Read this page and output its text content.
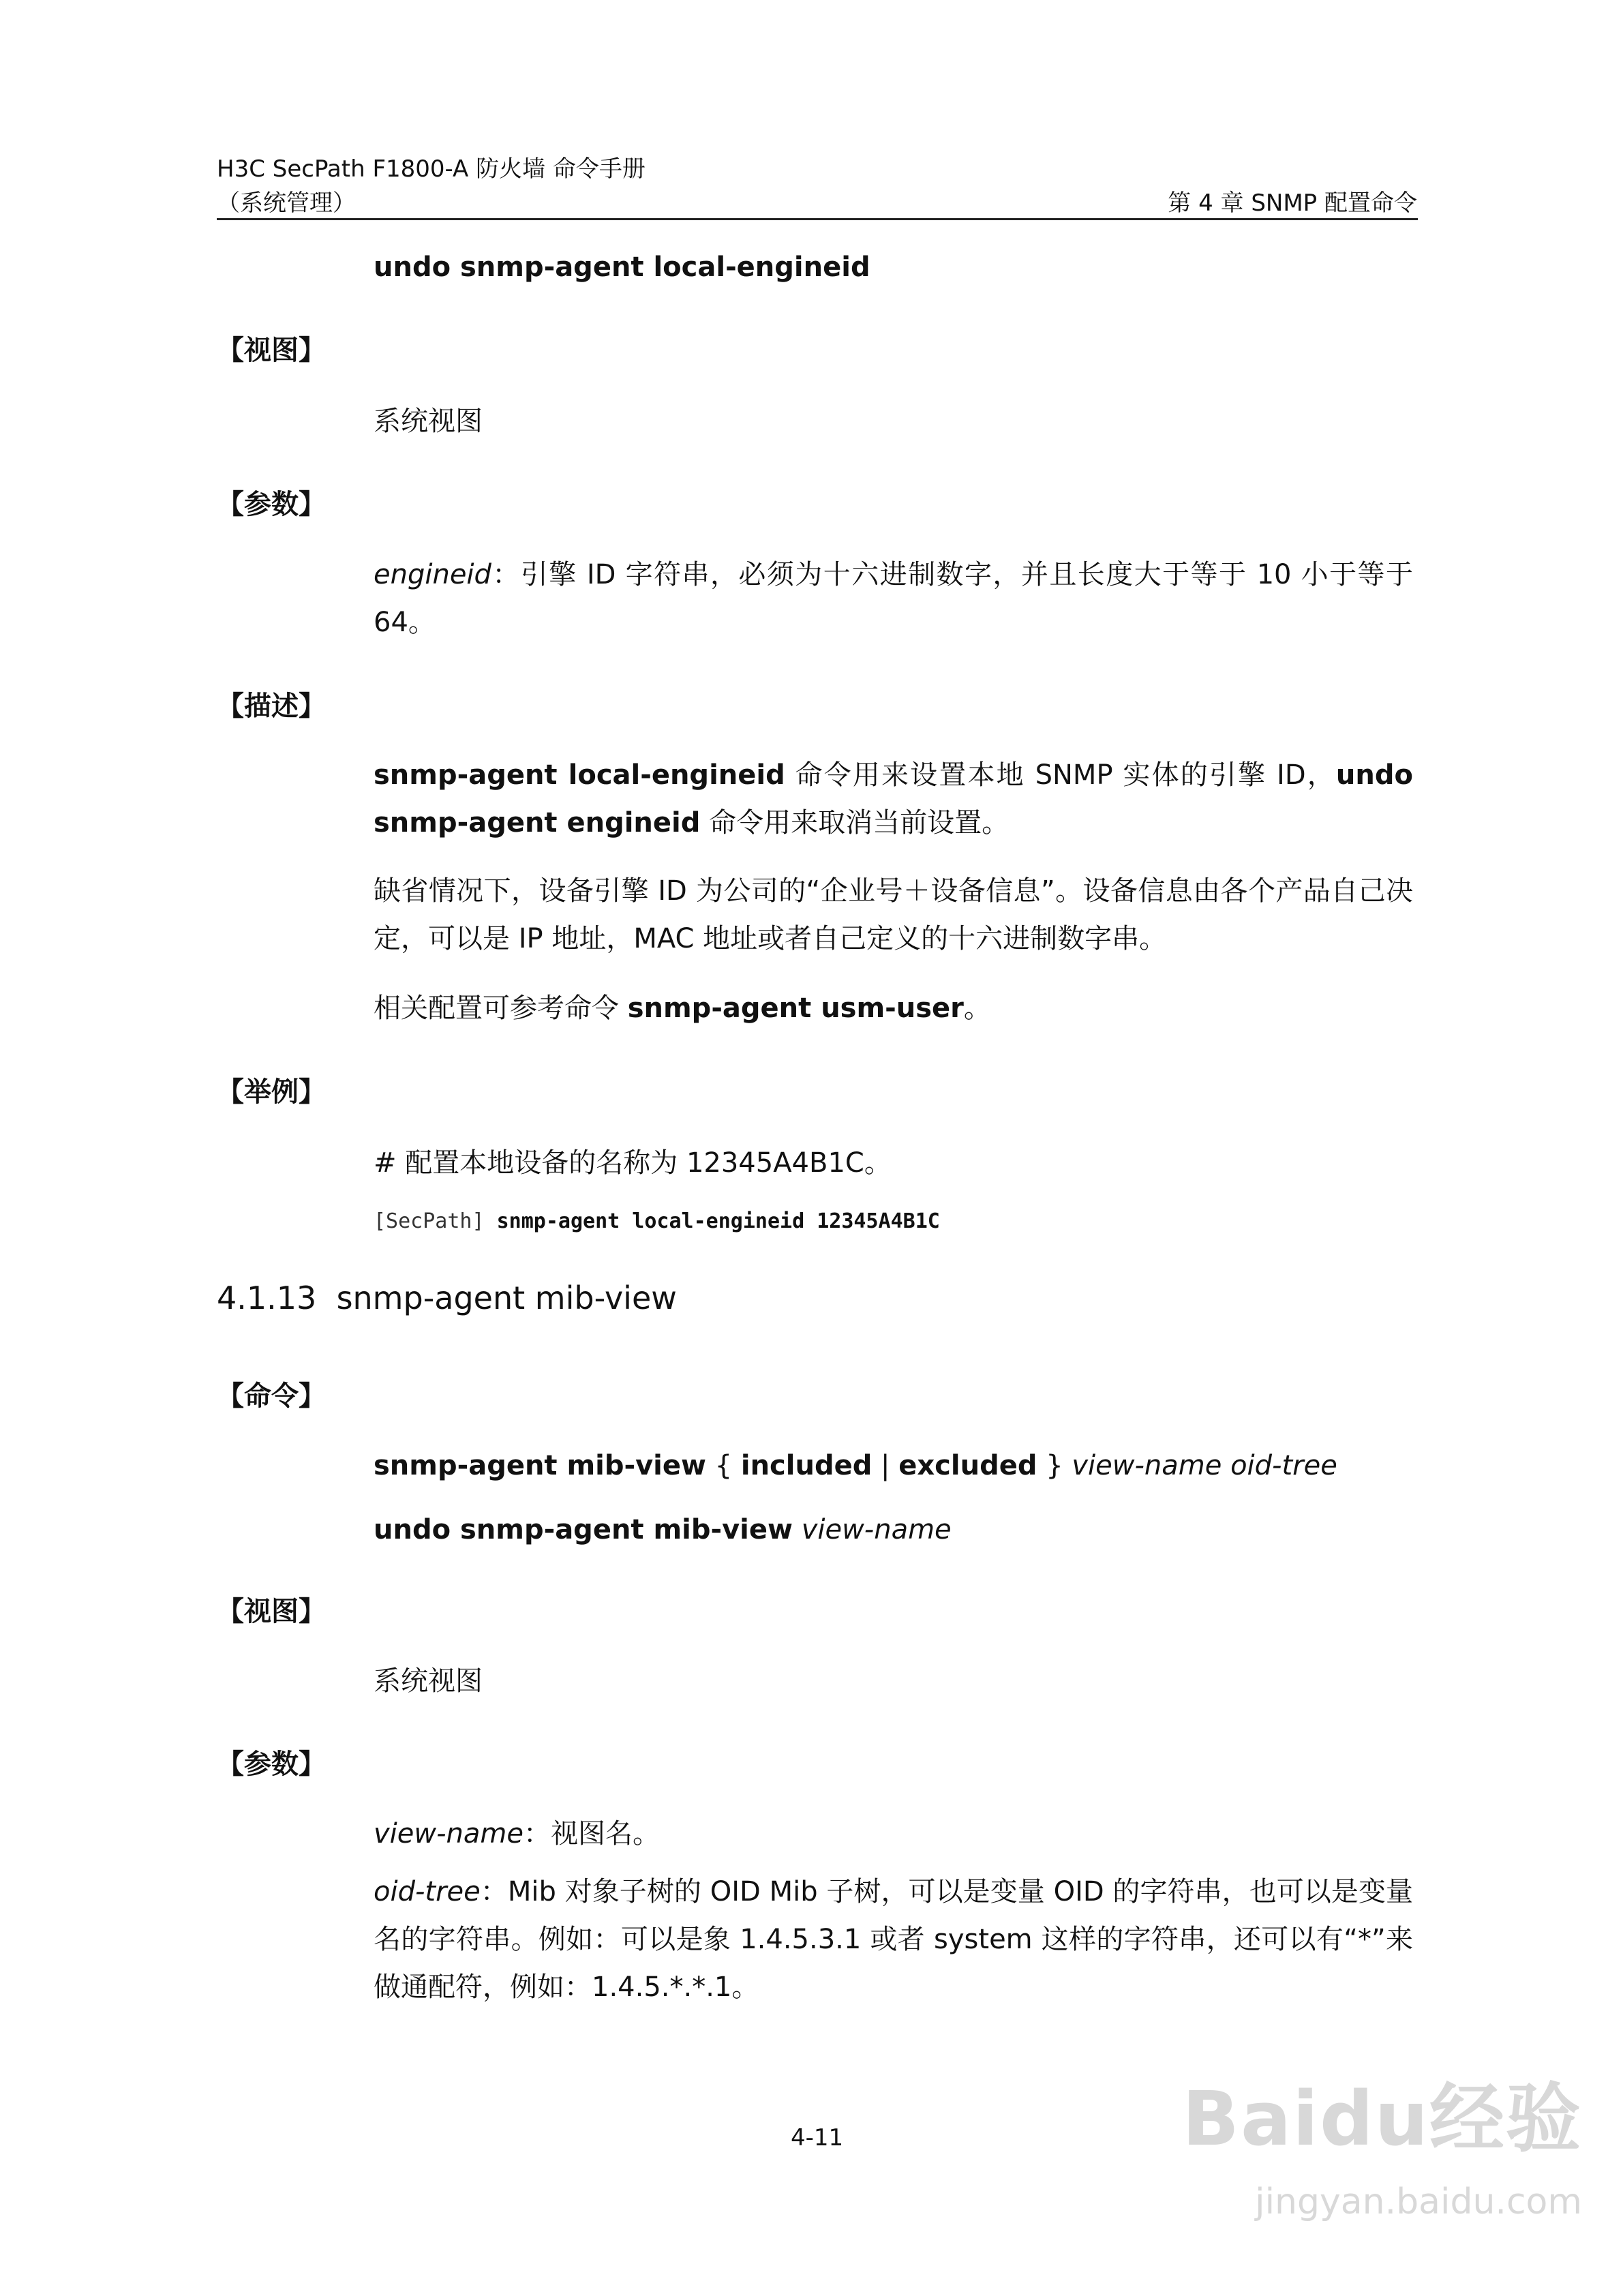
H3C SecPath F1800-A 防火墙 命令手册
（系统管理）	第 4 章 SNMP 配置命令
undo snmp-agent local-engineid
【视图】
系统视图
【参数】
engineid：引擎 ID 字符串，必须为十六进制数字，并且长度大于等于 10 小于等于 64。
【描述】
snmp-agent local-engineid 命令用来设置本地 SNMP 实体的引擎 ID，undo snmp-agent engineid 命令用来取消当前设置。
缺省情况下，设备引擎 ID 为公司的“企业号＋设备信息”。设备信息由各个产品自己决定，可以是 IP 地址，MAC 地址或者自己定义的十六进制数字串。
相关配置可参考命令 snmp-agent usm-user。
【举例】
# 配置本地设备的名称为 12345A4B1C。
[SecPath] snmp-agent local-engineid 12345A4B1C
4.1.13 snmp-agent mib-view
【命令】
snmp-agent mib-view { included | excluded } view-name oid-tree
undo snmp-agent mib-view view-name
【视图】
系统视图
【参数】
view-name：视图名。
oid-tree：Mib 对象子树的 OID Mib 子树，可以是变量 OID 的字符串，也可以是变量名的字符串。例如：可以是象 1.4.5.3.1 或者 system 这样的字符串，还可以有“*”来做通配符，例如：1.4.5.*.*.1。
4-11	Baidu经验
jingyan.baidu.com
